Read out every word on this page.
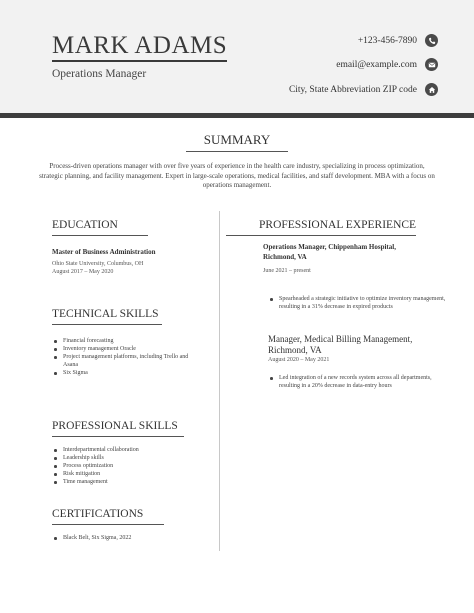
MARK ADAMS
Operations Manager
+123-456-7890
email@example.com
City, State Abbreviation ZIP code
SUMMARY
Process-driven operations manager with over five years of experience in the health care industry, specializing in process optimization, strategic planning, and facility management. Expert in large-scale operations, medical facilities, and staff development. MBA with a focus on operations management.
EDUCATION
Master of Business Administration
Ohio State University, Columbus, OH
August 2017 – May 2020
TECHNICAL SKILLS
Financial forecasting
Inventory management Oracle
Project management platforms, including Trello and Asana
Six Sigma
PROFESSIONAL SKILLS
Interdepartmental collaboration
Leadership skills
Process optimization
Risk mitigation
Time management
CERTIFICATIONS
Black Belt, Six Sigma, 2022
PROFESSIONAL EXPERIENCE
Operations Manager, Chippenham Hospital, Richmond, VA
June 2021 – present
Spearheaded a strategic initiative to optimize inventory management, resulting in a 31% decrease in expired products
Manager, Medical Billing Management, Richmond, VA
August 2020 – May 2021
Led integration of a new records system across all departments, resulting in a 20% decrease in data-entry hours
